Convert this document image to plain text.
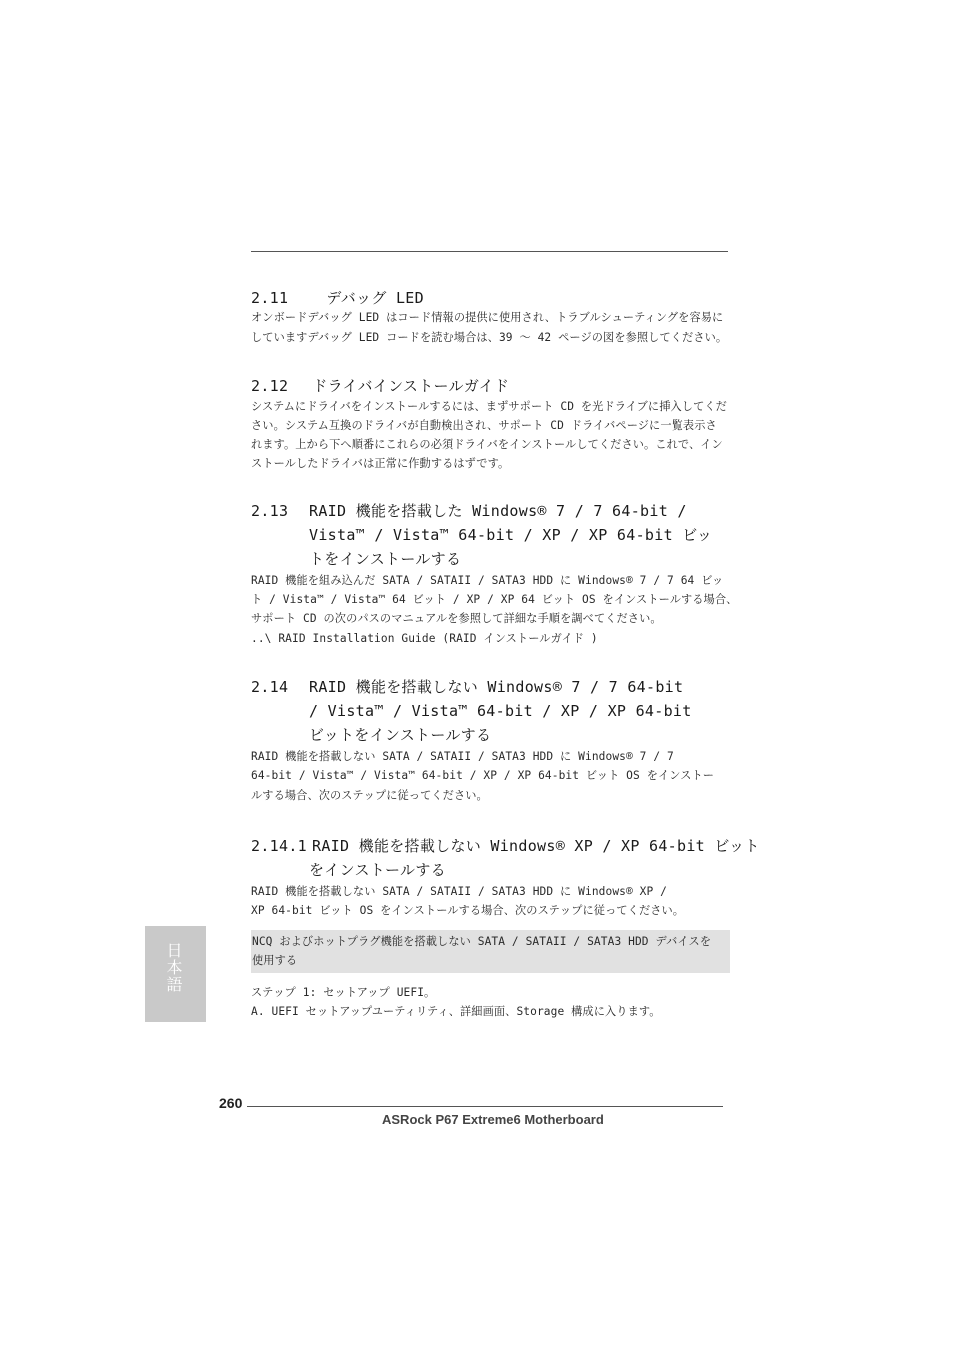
2.11	デバッグ LED
オンボードデバッグ LED はコード情報の提供に使用され、トラブルシューティングを容易に
していますデバッグ LED コードを読む場合は、39 ～ 42 ページの図を参照してください。
2.12 ドライバインストールガイド
システムにドライバをインストールするには、まずサポート CD を光ドライブに挿入してくだ
さい。システム互換のドライバが自動検出され、サポート CD ドライバページに一覧表示さ
れます。上から下へ順番にこれらの必須ドライバをインストールしてください。これで、イン
ストールしたドライバは正常に作動するはずです。
2.13 RAID 機能を搭載した Windows® 7 / 7 64-bit /
Vista™ / Vista™ 64-bit / XP / XP 64-bit ビッ
トをインストールする
RAID 機能を組み込んだ SATA / SATAII / SATA3 HDD に Windows® 7 / 7 64 ビッ
ト / Vista™ / Vista™ 64 ビット / XP / XP 64 ビット OS をインストールする場合、
サポート CD の次のパスのマニュアルを参照して詳細な手順を調べてください。
..\ RAID Installation Guide (RAID インストールガイド )
2.14 RAID 機能を搭載しない Windows® 7 / 7 64-bit
/ Vista™ / Vista™ 64-bit / XP / XP 64-bit
ビットをインストールする
RAID 機能を搭載しない SATA / SATAII / SATA3 HDD に Windows® 7 / 7
64-bit / Vista™ / Vista™ 64-bit / XP / XP 64-bit ビット OS をインストー
ルする場合、次のステップに従ってください。
2.14.1 RAID 機能を搭載しない Windows® XP / XP 64-bit ビット
をインストールする
RAID 機能を搭載しない SATA / SATAII / SATA3 HDD に Windows® XP /
XP 64-bit ビット OS をインストールする場合、次のステップに従ってください。
NCQ およびホットプラグ機能を搭載しない SATA / SATAII / SATA3 HDD デバイスを
使用する
ステップ 1: セットアップ UEFI。
A. UEFI セットアップユーティリティ、詳細画面、Storage 構成に入ります。
日本語
260
ASRock P67 Extreme6 Motherboard
